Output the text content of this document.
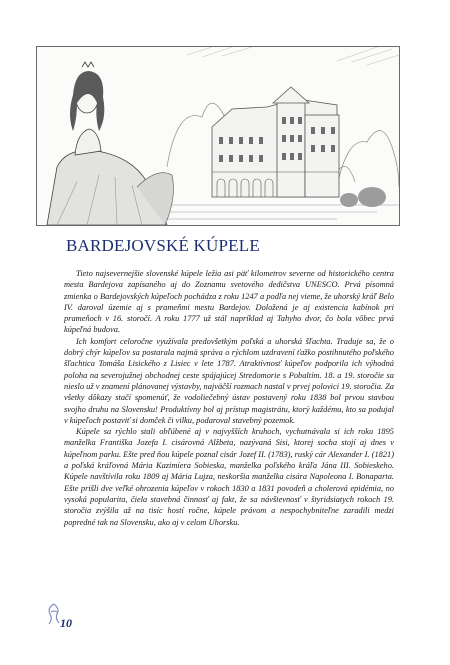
BARDEJOVSKÉ KÚPELE

Tieto najsevernejšie slovenské kúpele ležia asi päť kilometrov severne od historického centra mesta Bardejova zapísaného aj do Zoznamu svetového dedičstva UNESCO. Prvá písomná zmienka o Bardejovských kúpeľoch pochádza z roku 1247 a podľa nej vieme, že uhorský kráľ Belo IV. daroval územie aj s prameňmi mestu Bardejov. Doložená je aj existencia kabínok pri prameňoch v 16. storočí. A roku 1777 už stál napríklad aj Tahyho dvor, čo bola vôbec prvá kúpeľná budova.

Ich komfort celoročne využívala predovšetkým poľská a uhorská šľachta. Traduje sa, že o dobrý chýr kúpeľov sa postarala najmä správa o rýchlom uzdravení ťažko postihnutého poľského šľachtica Tomáša Lisického z Lisiec v lete 1787. Atraktívnosť kúpeľov podporila ich výhodná poloha na severojužnej obchodnej ceste spájajúcej Stredomorie s Pobaltím. 18. a 19. storočie sa nieslo už v znamení plánovanej výstavby, najväčší rozmach nastal v prvej polovici 19. storočia. Za všetky dôkazy stačí spomenúť, že vodoliečebný ústav postavený roku 1838 bol prvou stavbou svojho druhu na Slovensku! Produktívny bol aj prístup magistrátu, ktorý každému, kto sa podujal v kúpeľoch postaviť si domček či vilku, podaroval stavebný pozemok.

Kúpele sa rýchlo stali obľúbené aj v najvyšších kruhoch, vychutnávala si ich roku 1895 manželka Františka Jozefa I. cisárovná Alžbeta, nazývaná Sisi, ktorej socha stojí aj dnes v kúpeľnom parku. Ešte pred ňou kúpele poznal cisár Jozef II. (1783), ruský cár Alexander I. (1821) a poľská kráľovná Mária Kazimíera Sobieska, manželka poľského kráľa Jána III. Sobieskeho. Kúpele navštívila roku 1809 aj Mária Lujza, neskoršia manželka cisára Napoleona I. Bonaparta. Ešte prišli dve veľké ohrozenia kúpeľov v rokoch 1830 a 1831 povodeň a cholerová epidémia, no vysoká popularita, čiela stavebná činnosť aj fakt, že sa návštevnosť v štyridsiatych rokoch 19. storočia zvýšila až na tisíc hostí ročne, kúpele právom a nespochybniteľne zaradili medzi popredné tak na Slovensku, ako aj v celom Uhorsku.

10
